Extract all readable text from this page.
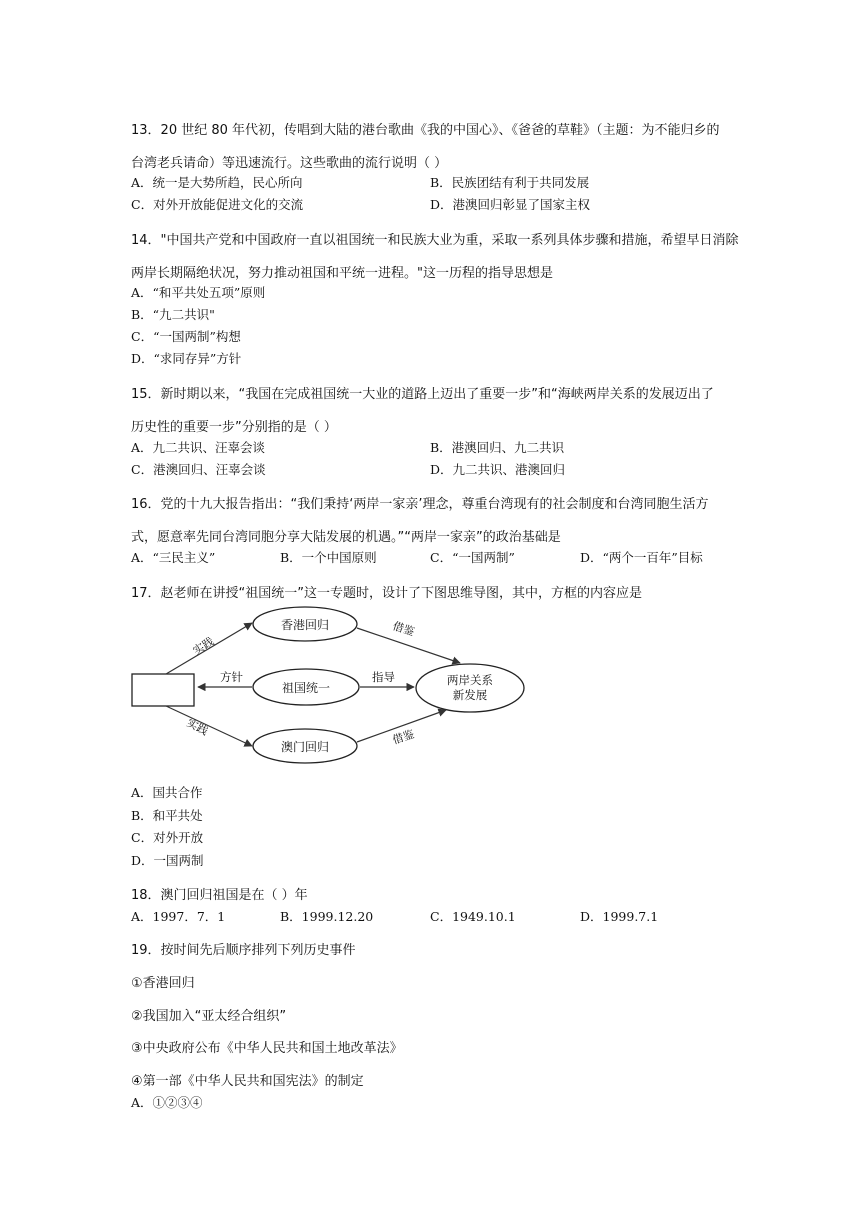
13．20 世纪 80 年代初，传唱到大陆的港台歌曲《我的中国心》、《爸爸的草鞋》（主题：为不能归乡的
台湾老兵请命）等迅速流行。这些歌曲的流行说明（ ）
A．统一是大势所趋，民心所向	B．民族团结有利于共同发展
C．对外开放能促进文化的交流	D．港澳回归彰显了国家主权
14．"中国共产党和中国政府一直以祖国统一和民族大业为重，采取一系列具体步骤和措施，希望早日消除
两岸长期隔绝状况，努力推动祖国和平统一进程。"这一历程的指导思想是
A．“和平共处五项”原则
B．“九二共识"
C．“一国两制”构想
D．“求同存异”方针
15．新时期以来，“我国在完成祖国统一大业的道路上迈出了重要一步”和“海峡两岸关系的发展迈出了
历史性的重要一步”分别指的是（ ）
A．九二共识、汪辜会谈	B．港澳回归、九二共识
C．港澳回归、汪辜会谈	D．九二共识、港澳回归
16．党的十九大报告指出：“我们秉持‘两岸一家亲’理念，尊重台湾现有的社会制度和台湾同胞生活方
式，愿意率先同台湾同胞分享大陆发展的机遇。”“两岸一家亲”的政治基础是
A．“三民主义”	B．一个中国原则	C．“一国两制”	D．“两个一百年”目标
17．赵老师在讲授“祖国统一”这一专题时，设计了下图思维导图，其中，方框的内容应是
香港回归
祖国统一
澳门回归
两岸关系
新发展
实践
实践
方针	指导
借鉴
借鉴
A．国共合作
B．和平共处
C．对外开放
D．一国两制
18．澳门回归祖国是在（ ）年
A．1997．7．1	B．1999.12.20	C．1949.10.1	D．1999.7.1
19．按时间先后顺序排列下列历史事件
①香港回归
②我国加入“亚太经合组织”
③中央政府公布《中华人民共和国土地改革法》
④第一部《中华人民共和国宪法》的制定
A．①②③④
